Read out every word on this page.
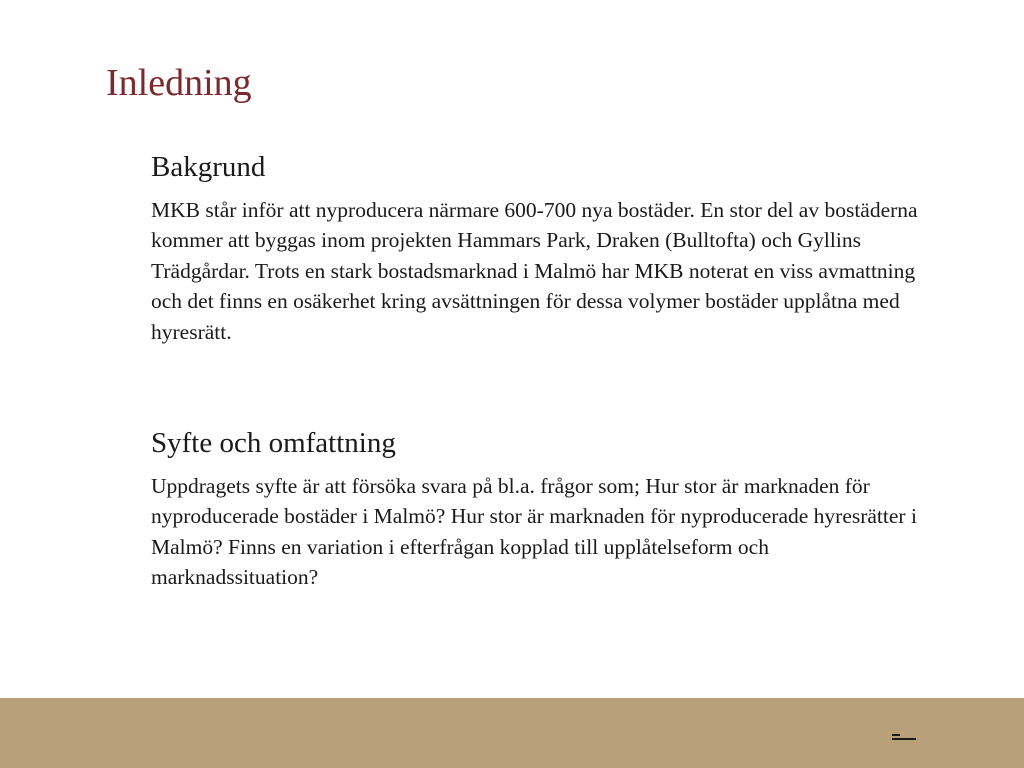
Inledning
Bakgrund

MKB står inför att nyproducera närmare 600-700 nya bostäder. En stor del av bostäderna kommer att byggas inom projekten Hammars Park, Draken (Bulltofta) och Gyllins Trädgårdar. Trots en stark bostadsmarknad i Malmö har MKB noterat en viss avmattning och det finns en osäkerhet kring avsättningen för dessa volymer bostäder upplåtna med hyresrätt.

Syfte och omfattning

Uppdragets syfte är att försöka svara på bl.a. frågor som; Hur stor är marknaden för nyproducerade bostäder i Malmö? Hur stor är marknaden för nyproducerade hyresrätter i Malmö? Finns en variation i efterfrågan kopplad till upplåtelseform och marknadssituation?
